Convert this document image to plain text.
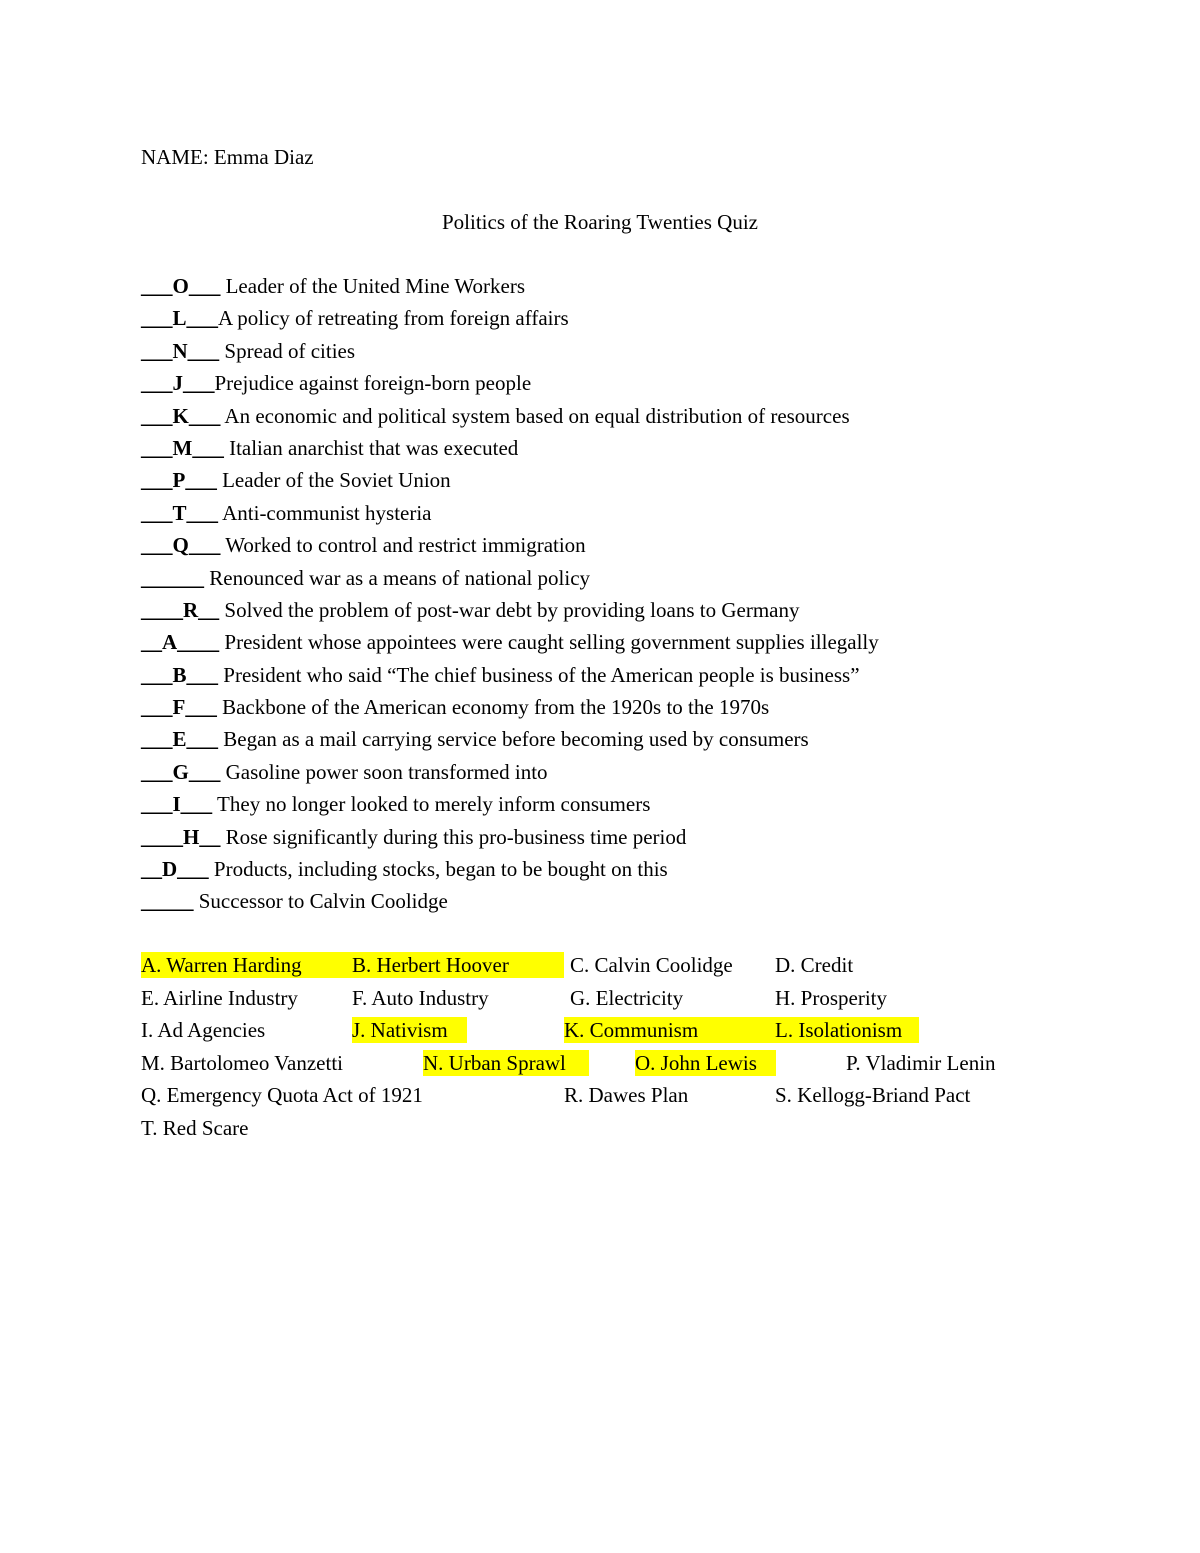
NAME: Emma Diaz
Politics of the Roaring Twenties Quiz
___O___ Leader of the United Mine Workers
___L___A policy of retreating from foreign affairs
___N___ Spread of cities
___J___Prejudice against foreign-born people
___K___ An economic and political system based on equal distribution of resources
___M___ Italian anarchist that was executed
___P___ Leader of the Soviet Union
___T___ Anti-communist hysteria
___Q___ Worked to control and restrict immigration
______ Renounced war as a means of national policy
____R__ Solved the problem of post-war debt by providing loans to Germany
__A____ President whose appointees were caught selling government supplies illegally
___B___ President who said “The chief business of the American people is business”
___F___ Backbone of the American economy from the 1920s to the 1970s
___E___ Began as a mail carrying service before becoming used by consumers
___G___ Gasoline power soon transformed into
___I___ They no longer looked to merely inform consumers
____H__ Rose significantly during this pro-business time period
__D___ Products, including stocks, began to be bought on this
_____ Successor to Calvin Coolidge
A. Warren Harding	B. Herbert Hoover	C. Calvin Coolidge D. Credit
E. Airline Industry	F. Auto Industry	G. Electricity	H. Prosperity
I. Ad Agencies	J. Nativism	K. Communism	L. Isolationism
M. Bartolomeo Vanzetti	N. Urban Sprawl	O. John Lewis	P. Vladimir Lenin
Q. Emergency Quota Act of 1921	R. Dawes Plan	S. Kellogg-Briand Pact
T. Red Scare
